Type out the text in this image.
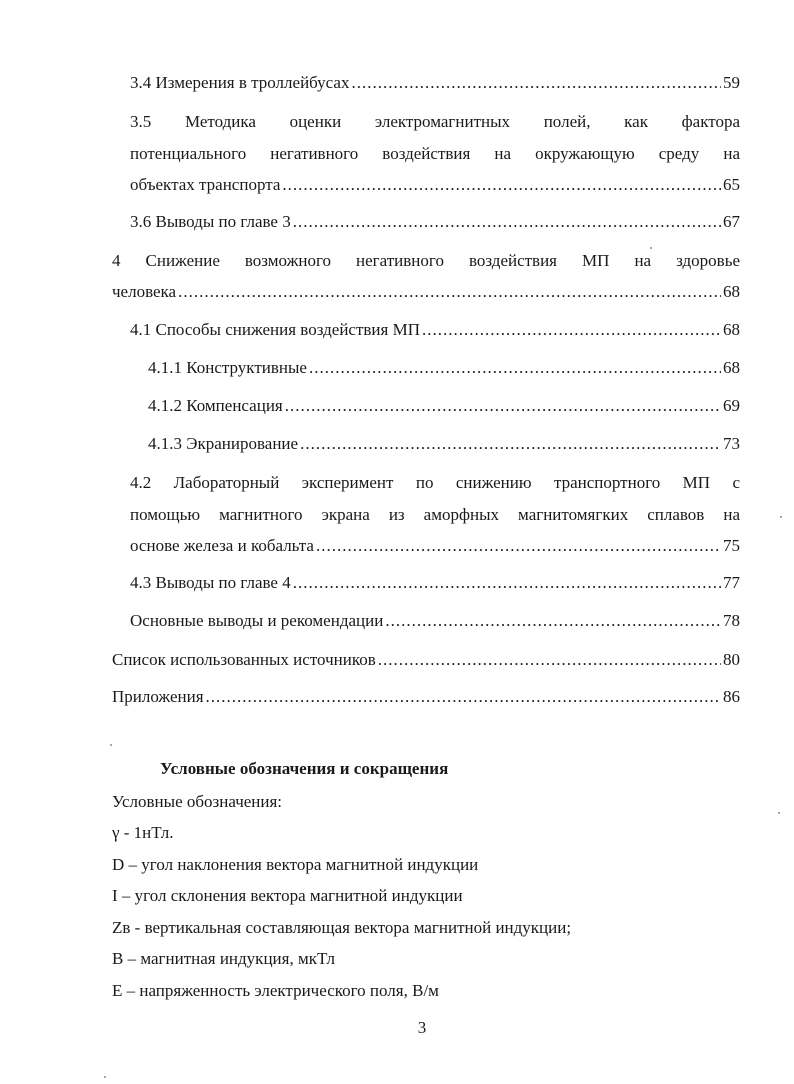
3.4 Измерения в троллейбусах .....	59
3.5 Методика оценки электромагнитных полей, как фактора
потенциального негативного воздействия на окружающую среду на
объектах транспорта .....	65
3.6 Выводы по главе 3 .....	67
4 Снижение возможного негативного воздействия МП на здоровье
человека .....	68
4.1 Способы снижения воздействия МП .....	68
4.1.1 Конструктивные .....	68
4.1.2 Компенсация .....	69
4.1.3 Экранирование .....	73
4.2 Лабораторный эксперимент по снижению транспортного МП с
помощью магнитного экрана из аморфных магнитомягких сплавов на
основе железа и кобальта .....	75
4.3 Выводы по главе 4 .....	77
Основные выводы и рекомендации .....	78
Список использованных источников .....	80
Приложения .....	86
Условные обозначения и сокращения
Условные обозначения:
γ - 1нТл.
D – угол наклонения вектора магнитной индукции
I – угол склонения вектора магнитной индукции
Zв - вертикальная составляющая вектора магнитной индукции;
B – магнитная индукция, мкТл
E – напряженность электрического поля, В/м
3
